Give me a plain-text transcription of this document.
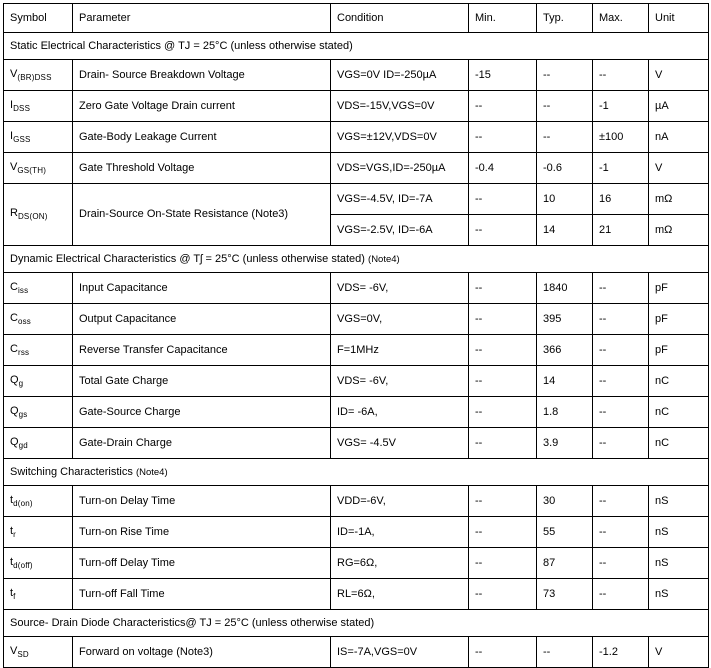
Symbol	Parameter	Condition	Min.	Typ.	Max.	Unit
Static Electrical Characteristics @ TJ = 25°C (unless otherwise stated)						
$V_{(BR)DSS}$	Drain- Source Breakdown Voltage	VGS=0V ID=-250µA	-15	--	--	V
$I_{DSS}$	Zero Gate Voltage Drain current	VDS=-15V,VGS=0V	--	--	-1	µA
$I_{GSS}$	Gate-Body Leakage Current	VGS=±12V,VDS=0V	--	--	±100	nA
$V_{GS(TH)}$	Gate Threshold Voltage	VDS=VGS,ID=-250µA	-0.4	-0.6	-1	V
$R_{DS(ON)}$	Drain-Source On-State Resistance (Note3)	VGS=-4.5V, ID=-7A	--	10	16	mΩ
		VGS=-2.5V, ID=-6A	--	14	21	mΩ
Dynamic Electrical Characteristics @ Tʃ = 25°C (unless otherwise stated) (Note4)						
$C_{iss}$	Input Capacitance	VDS= -6V,	--	1840	--	pF
$C_{oss}$	Output Capacitance	VGS=0V,	--	395	--	pF
$C_{rss}$	Reverse Transfer Capacitance	F=1MHz	--	366	--	pF
$Q_g$	Total Gate Charge	VDS= -6V,	--	14	--	nC
$Q_{gs}$	Gate-Source Charge	ID= -6A,	--	1.8	--	nC
$Q_{gd}$	Gate-Drain Charge	VGS= -4.5V	--	3.9	--	nC
Switching Characteristics (Note4)						
$t_{d(on)}$	Turn-on Delay Time	VDD=-6V,	--	30	--	nS
$t_r$	Turn-on Rise Time	ID=-1A,	--	55	--	nS
$t_{d(off)}$	Turn-off Delay Time	RG=6Ω,	--	87	--	nS
$t_f$	Turn-off Fall Time	RL=6Ω,	--	73	--	nS
Source- Drain Diode Characteristics@ TJ = 25°C (unless otherwise stated)						
$V_{SD}$	Forward on voltage (Note3)	IS=-7A,VGS=0V	--	--	-1.2	V
